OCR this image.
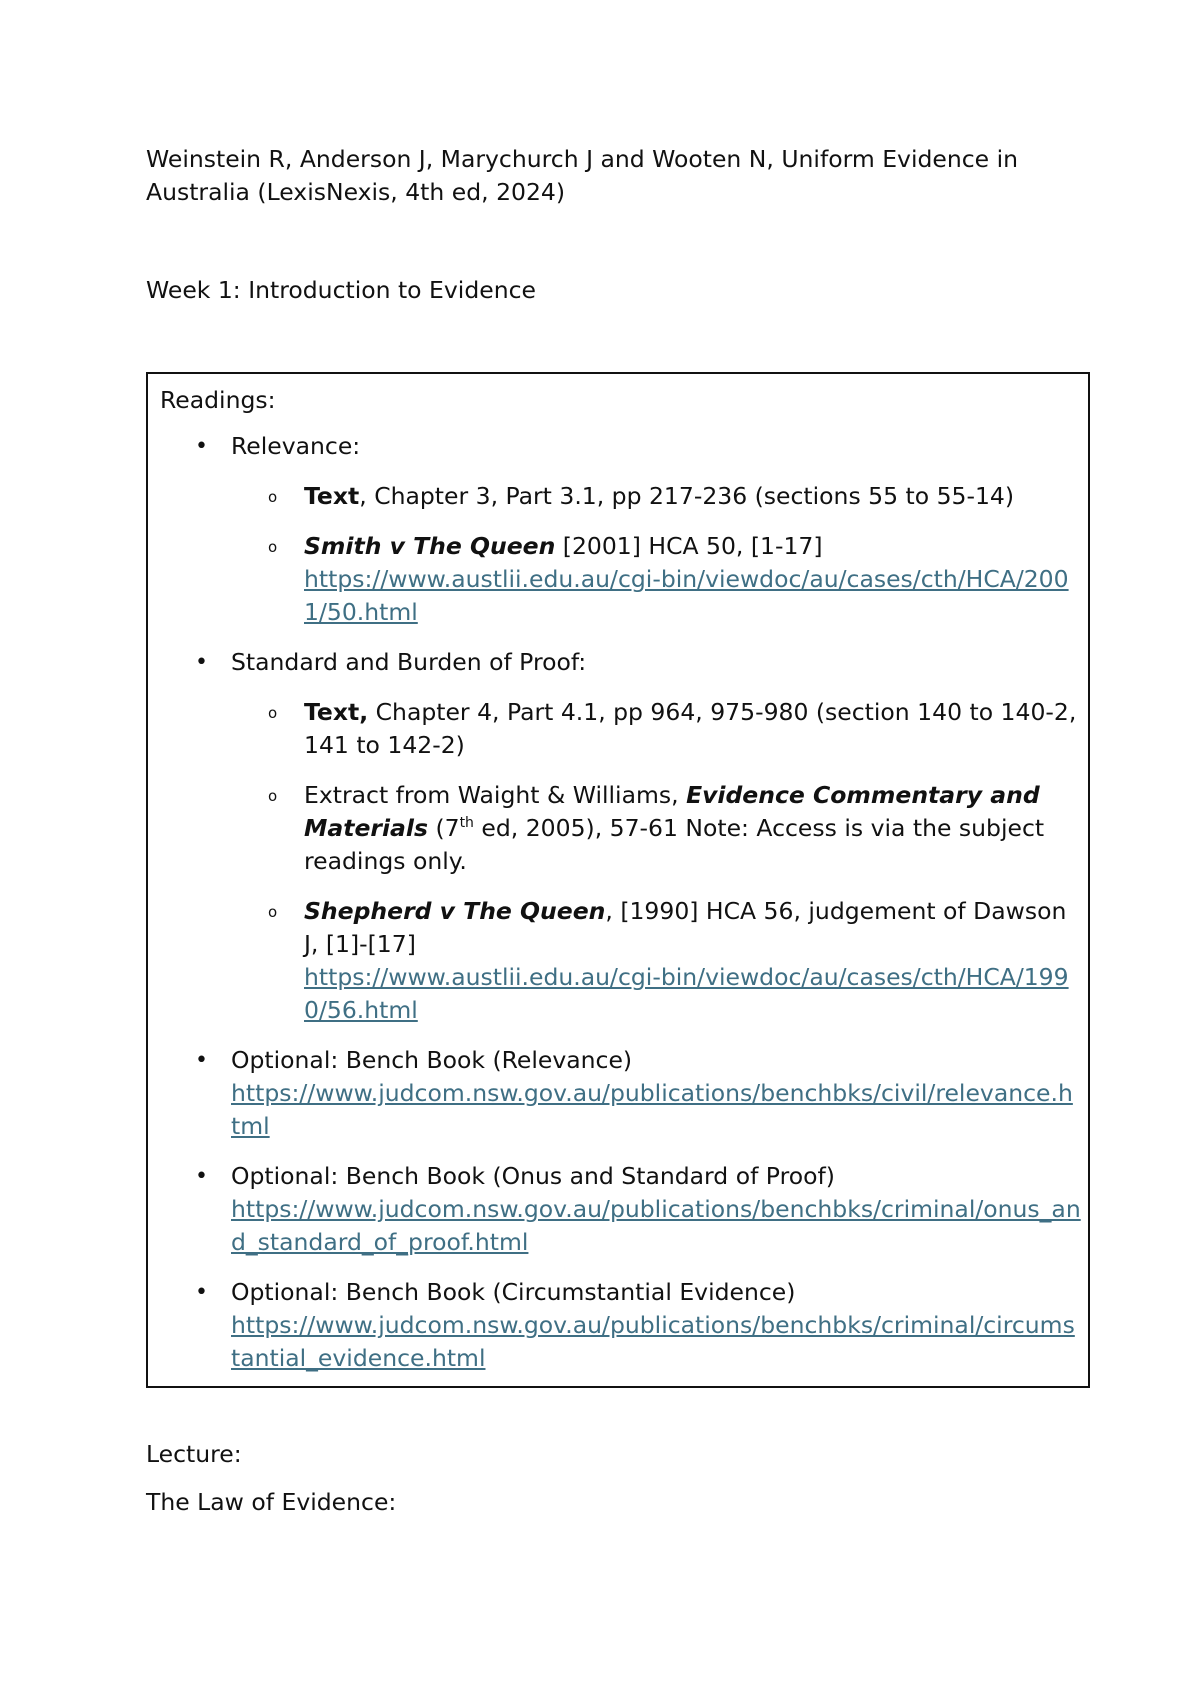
Weinstein R, Anderson J, Marychurch J and Wooten N, Uniform Evidence in Australia (LexisNexis, 4th ed, 2024)

Week 1: Introduction to Evidence

Readings:

• Relevance:
o Text, Chapter 3, Part 3.1, pp 217-236 (sections 55 to 55-14)
o Smith v The Queen [2001] HCA 50, [1-17]
https://www.austlii.edu.au/cgi-bin/viewdoc/au/cases/cth/HCA/2001/50.html
• Standard and Burden of Proof:
o Text, Chapter 4, Part 4.1, pp 964, 975-980 (section 140 to 140-2, 141 to 142-2)
o Extract from Waight & Williams, Evidence Commentary and Materials (7th ed, 2005), 57-61 Note: Access is via the subject readings only.
o Shepherd v The Queen, [1990] HCA 56, judgement of Dawson J, [1]-[17]
https://www.austlii.edu.au/cgi-bin/viewdoc/au/cases/cth/HCA/1990/56.html
• Optional: Bench Book (Relevance)
https://www.judcom.nsw.gov.au/publications/benchbks/civil/relevance.html
• Optional: Bench Book (Onus and Standard of Proof)
https://www.judcom.nsw.gov.au/publications/benchbks/criminal/onus_and_standard_of_proof.html
• Optional: Bench Book (Circumstantial Evidence)
https://www.judcom.nsw.gov.au/publications/benchbks/criminal/circumstantial_evidence.html

Lecture:

The Law of Evidence:
